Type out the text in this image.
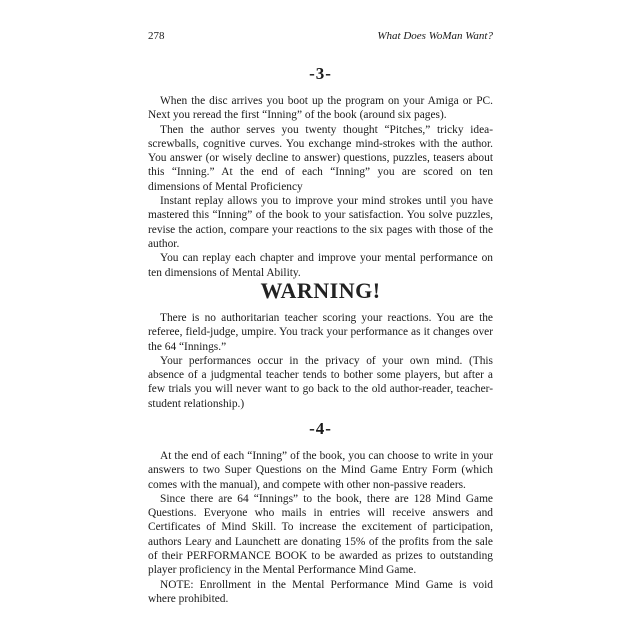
278	What Does WoMan Want?
-3-

When the disc arrives you boot up the program on your Amiga or PC. Next you reread the first “Inning” of the book (around six pages).

Then the author serves you twenty thought “Pitches,” tricky idea-screwballs, cognitive curves. You exchange mind-strokes with the author. You answer (or wisely decline to answer) questions, puzzles, teasers about this “Inning.” At the end of each “Inning” you are scored on ten dimensions of Mental Proficiency

Instant replay allows you to improve your mind strokes until you have mastered this “Inning” of the book to your satisfaction. You solve puzzles, revise the action, compare your reactions to the six pages with those of the author.

You can replay each chapter and improve your mental performance on ten dimensions of Mental Ability.

WARNING!

There is no authoritarian teacher scoring your reactions. You are the referee, field-judge, umpire. You track your performance as it changes over the 64 “Innings.”

Your performances occur in the privacy of your own mind. (This absence of a judgmental teacher tends to bother some players, but after a few trials you will never want to go back to the old author-reader, teacher-student relationship.)

-4-

At the end of each “Inning” of the book, you can choose to write in your answers to two Super Questions on the Mind Game Entry Form (which comes with the manual), and compete with other non-passive readers.

Since there are 64 “Innings” to the book, there are 128 Mind Game Questions. Everyone who mails in entries will receive answers and Certificates of Mind Skill. To increase the excitement of participation, authors Leary and Launchett are donating 15% of the profits from the sale of their PERFORMANCE BOOK to be awarded as prizes to outstanding player proficiency in the Mental Performance Mind Game.

NOTE: Enrollment in the Mental Performance Mind Game is void where prohibited.
